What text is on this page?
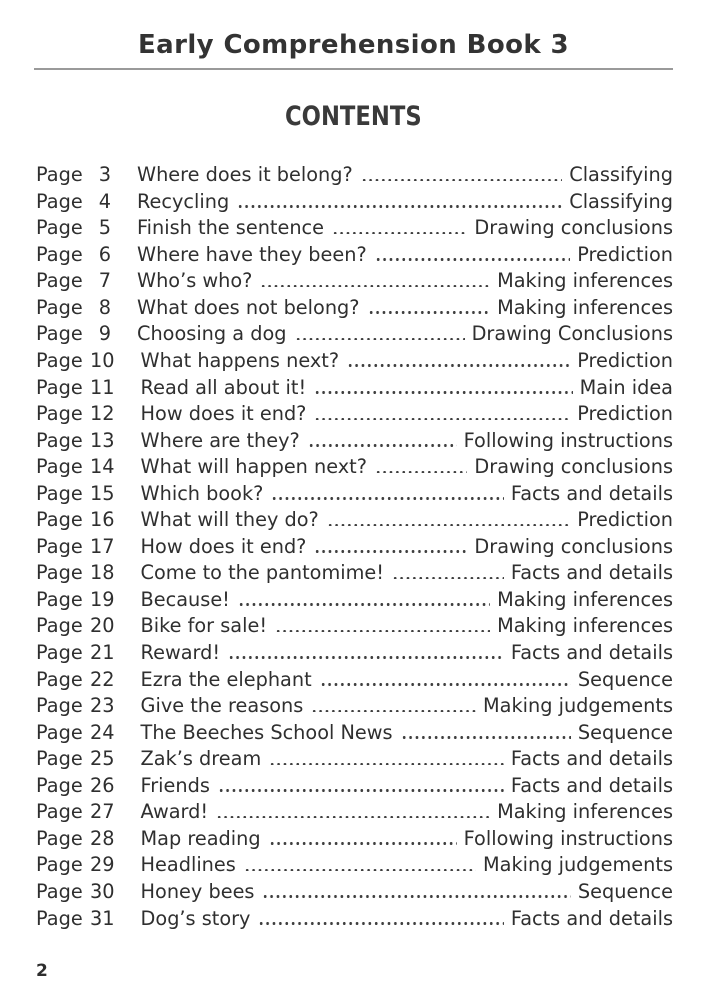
Early Comprehension Book 3
CONTENTS
Page 3 Where does it belong?	Classifying
Page 4 Recycling	Classifying
Page 5 Finish the sentence	Drawing conclusions
Page 6 Where have they been?	Prediction
Page 7 Who’s who?	Making inferences
Page 8 What does not belong?	Making inferences
Page 9 Choosing a dog	Drawing Conclusions
Page 10 What happens next?	Prediction
Page 11 Read all about it!	Main idea
Page 12 How does it end?	Prediction
Page 13 Where are they?	Following instructions
Page 14 What will happen next?	Drawing conclusions
Page 15 Which book?	Facts and details
Page 16 What will they do?	Prediction
Page 17 How does it end?	Drawing conclusions
Page 18 Come to the pantomime!	Facts and details
Page 19 Because!	Making inferences
Page 20 Bike for sale!	Making inferences
Page 21 Reward!	Facts and details
Page 22 Ezra the elephant	Sequence
Page 23 Give the reasons	Making judgements
Page 24 The Beeches School News	Sequence
Page 25 Zak’s dream	Facts and details
Page 26 Friends	Facts and details
Page 27 Award!	Making inferences
Page 28 Map reading	Following instructions
Page 29 Headlines	Making judgements
Page 30 Honey bees	Sequence
Page 31 Dog’s story	Facts and details
2
